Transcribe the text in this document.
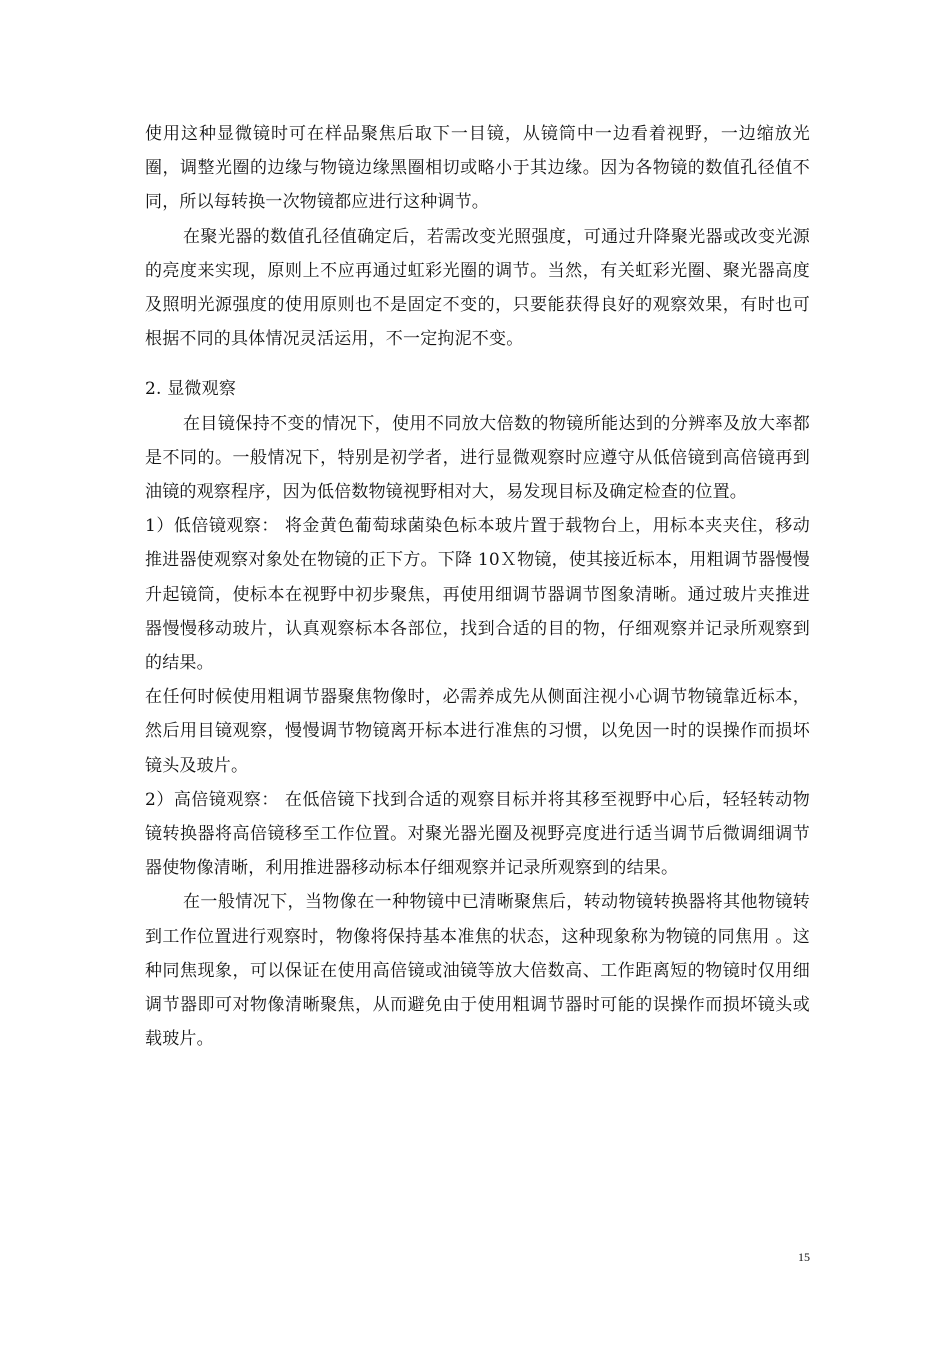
使用这种显微镜时可在样品聚焦后取下一目镜，从镜筒中一边看着视野，一边缩放光圈，调整光圈的边缘与物镜边缘黑圈相切或略小于其边缘。因为各物镜的数值孔径值不同，所以每转换一次物镜都应进行这种调节。

在聚光器的数值孔径值确定后，若需改变光照强度，可通过升降聚光器或改变光源的亮度来实现，原则上不应再通过虹彩光圈的调节。当然，有关虹彩光圈、聚光器高度及照明光源强度的使用原则也不是固定不变的，只要能获得良好的观察效果，有时也可根据不同的具体情况灵活运用，不一定拘泥不变。

2. 显微观察

在目镜保持不变的情况下，使用不同放大倍数的物镜所能达到的分辨率及放大率都是不同的。一般情况下，特别是初学者，进行显微观察时应遵守从低倍镜到高倍镜再到油镜的观察程序，因为低倍数物镜视野相对大，易发现目标及确定检查的位置。

1）低倍镜观察： 将金黄色葡萄球菌染色标本玻片置于载物台上，用标本夹夹住，移动推进器使观察对象处在物镜的正下方。下降 10Ｘ物镜，使其接近标本，用粗调节器慢慢升起镜筒，使标本在视野中初步聚焦，再使用细调节器调节图象清晰。通过玻片夹推进器慢慢移动玻片，认真观察标本各部位，找到合适的目的物，仔细观察并记录所观察到的结果。

在任何时候使用粗调节器聚焦物像时，必需养成先从侧面注视小心调节物镜靠近标本，然后用目镜观察，慢慢调节物镜离开标本进行准焦的习惯，以免因一时的误操作而损坏镜头及玻片。

2）高倍镜观察： 在低倍镜下找到合适的观察目标并将其移至视野中心后，轻轻转动物镜转换器将高倍镜移至工作位置。对聚光器光圈及视野亮度进行适当调节后微调细调节器使物像清晰，利用推进器移动标本仔细观察并记录所观察到的结果。

在一般情况下，当物像在一种物镜中已清晰聚焦后，转动物镜转换器将其他物镜转到工作位置进行观察时，物像将保持基本准焦的状态，这种现象称为物镜的同焦用 。这种同焦现象，可以保证在使用高倍镜或油镜等放大倍数高、工作距离短的物镜时仅用细调节器即可对物像清晰聚焦，从而避免由于使用粗调节器时可能的误操作而损坏镜头或载玻片。

15
